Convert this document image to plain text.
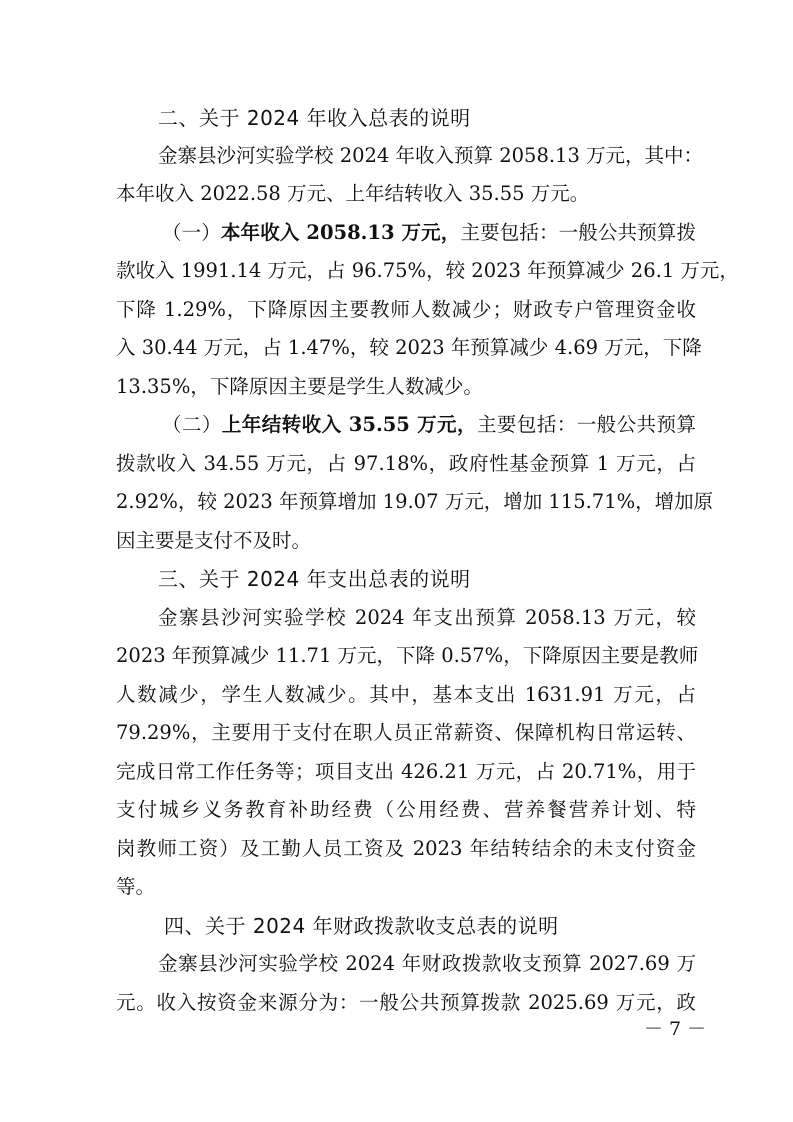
二、关于 2024 年收入总表的说明
金寨县沙河实验学校 2024 年收入预算 2058.13 万元，其中：
本年收入 2022.58 万元、上年结转收入 35.55 万元。
（一）本年收入 2058.13 万元，主要包括：一般公共预算拨
款收入 1991.14 万元，占 96.75%，较 2023 年预算减少 26.1 万元，
下降 1.29%，下降原因主要教师人数减少；财政专户管理资金收
入 30.44 万元，占 1.47%，较 2023 年预算减少 4.69 万元，下降
13.35%，下降原因主要是学生人数减少。
（二）上年结转收入 35.55 万元，主要包括：一般公共预算
拨款收入 34.55 万元，占 97.18%，政府性基金预算 1 万元，占
2.92%，较 2023 年预算增加 19.07 万元，增加 115.71%，增加原
因主要是支付不及时。
三、关于 2024 年支出总表的说明
金寨县沙河实验学校 2024 年支出预算 2058.13 万元，较
2023 年预算减少 11.71 万元，下降 0.57%，下降原因主要是教师
人数减少，学生人数减少。其中，基本支出 1631.91 万元，占
79.29%，主要用于支付在职人员正常薪资、保障机构日常运转、
完成日常工作任务等；项目支出 426.21 万元，占 20.71%，用于
支付城乡义务教育补助经费（公用经费、营养餐营养计划、特
岗教师工资）及工勤人员工资及 2023 年结转结余的未支付资金
等。
四、关于 2024 年财政拨款收支总表的说明
金寨县沙河实验学校 2024 年财政拨款收支预算 2027.69 万
元。收入按资金来源分为：一般公共预算拨款 2025.69 万元，政
－ 7 －
